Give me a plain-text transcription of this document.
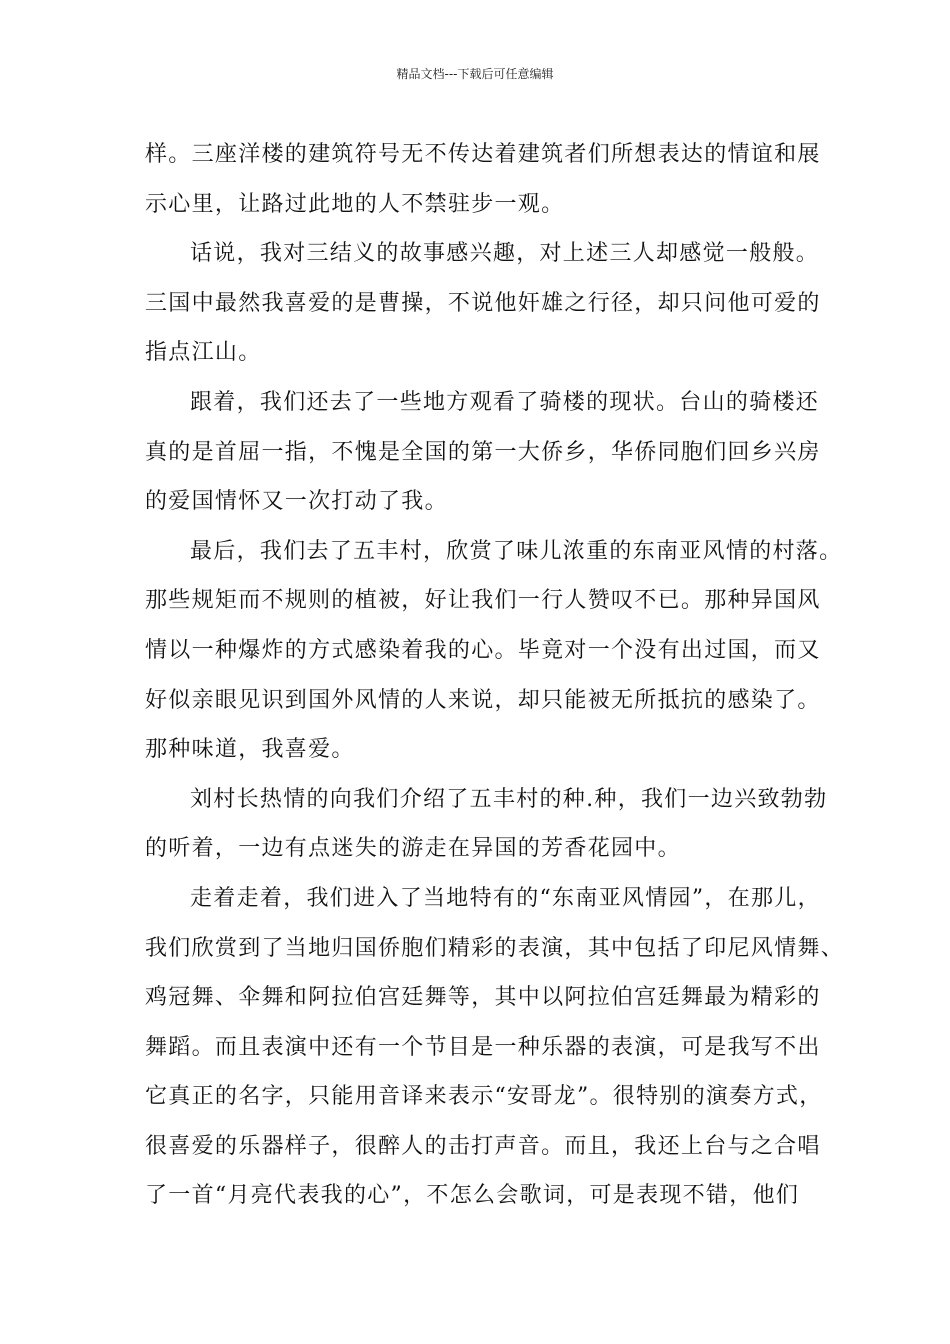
精品文档---下载后可任意编辑
样。三座洋楼的建筑符号无不传达着建筑者们所想表达的情谊和展
示心里，让路过此地的人不禁驻步一观。
话说，我对三结义的故事感兴趣，对上述三人却感觉一般般。
三国中最然我喜爱的是曹操，不说他奸雄之行径，却只问他可爱的
指点江山。
跟着，我们还去了一些地方观看了骑楼的现状。台山的骑楼还
真的是首屈一指，不愧是全国的第一大侨乡，华侨同胞们回乡兴房
的爱国情怀又一次打动了我。
最后，我们去了五丰村，欣赏了味儿浓重的东南亚风情的村落。
那些规矩而不规则的植被，好让我们一行人赞叹不已。那种异国风
情以一种爆炸的方式感染着我的心。毕竟对一个没有出过国，而又
好似亲眼见识到国外风情的人来说，却只能被无所抵抗的感染了。
那种味道，我喜爱。
刘村长热情的向我们介绍了五丰村的种.种，我们一边兴致勃勃
的听着，一边有点迷失的游走在异国的芳香花园中。
走着走着，我们进入了当地特有的“东南亚风情园”，在那儿，
我们欣赏到了当地归国侨胞们精彩的表演，其中包括了印尼风情舞、
鸡冠舞、伞舞和阿拉伯宫廷舞等，其中以阿拉伯宫廷舞最为精彩的
舞蹈。而且表演中还有一个节目是一种乐器的表演，可是我写不出
它真正的名字，只能用音译来表示“安哥龙”。很特别的演奏方式，
很喜爱的乐器样子，很醉人的击打声音。而且，我还上台与之合唱
了一首“月亮代表我的心”，不怎么会歌词，可是表现不错，他们
